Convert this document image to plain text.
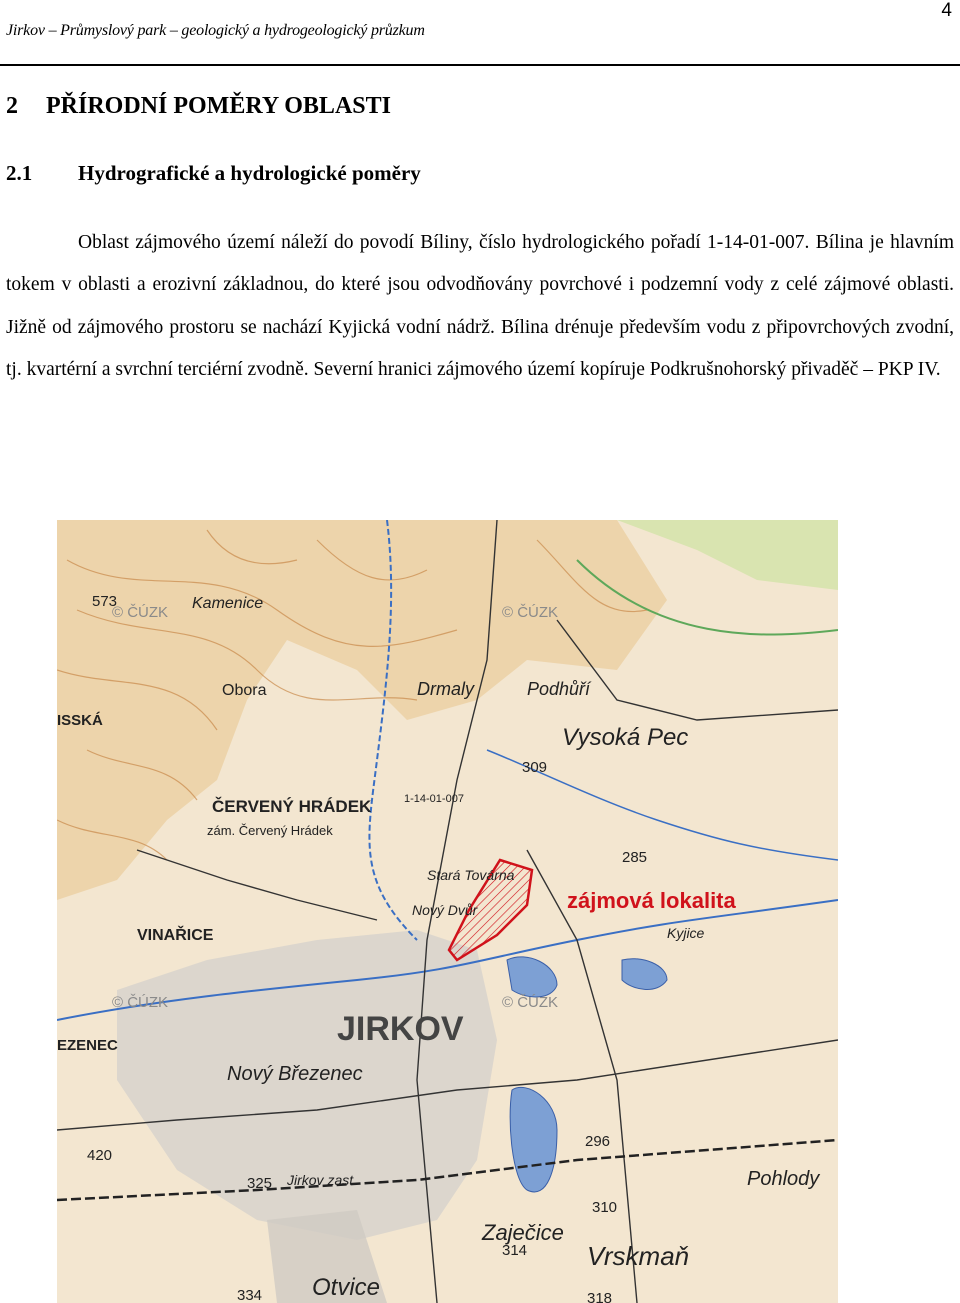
4
Jirkov – Průmyslový park – geologický a hydrogeologický průzkum
2 PŘÍRODNÍ POMĚRY OBLASTI
2.1 Hydrografické a hydrologické poměry

Oblast zájmového území náleží do povodí Bíliny, číslo hydrologického pořadí 1-14-01-007. Bílina je hlavním tokem v oblasti a erozivní základnou, do které jsou odvodňovány povrchové i podzemní vody z celé zájmové oblasti. Jižně od zájmového prostoru se nachází Kyjická vodní nádrž. Bílina drénuje především vodu z připovrchových zvodní, tj. kvartérní a svrchní terciérní zvodně. Severní hranici zájmového území kopíruje Podkrušnohorský přivaděč – PKP IV.

zájmová lokalita
© ČÚZK	© ČÚZK
© ČÚZK	© ČÚZK
Kamenice
Obora	Drmaly	Podhůří
Vysoká Pec
ČERVENÝ HRÁDEK
zám. Červený Hrádek
Stará Továrna
Nový Dvůr
VINAŘICE
JIRKOV
Nový Březenec
Kyjice
Zaječice
Pohlody
Vrskmaň
Otvice
Jirkov zast.
ISSKÁ
EZENEC
573
309
285
296
310
314
318
325
334
420
1-14-01-007
